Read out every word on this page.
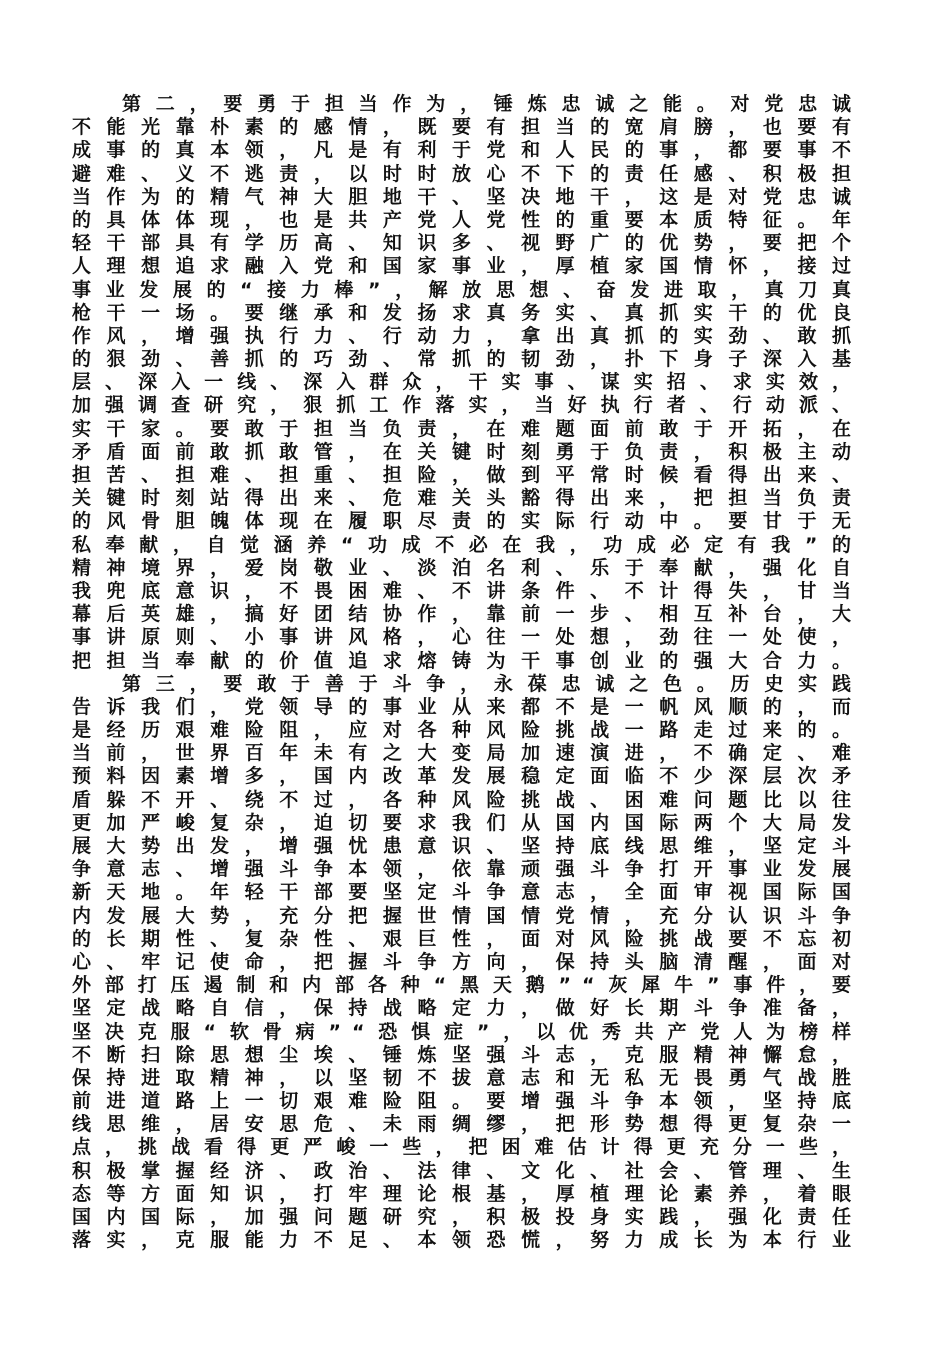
第二，要勇于担当作为，锤炼忠诚之能。对党忠诚
不能光靠朴素的感情，既要有担当的宽肩膀，也要有
成事的真本领，凡是有利于党和人民的事，都要事不
避难、义不逃责，以时时放心不下的责任感、积极担
当作为的精气神大胆地干、坚决地干，这是对党忠诚
的具体体现，也是共产党人党性的重要本质特征。年
轻干部具有学历高、知识多、视野广的优势，要把个
人理想追求融入党和国家事业，厚植家国情怀，接过
事业发展的“接力棒”，解放思想、奋发进取，真刀真
枪干一场。要继承和发扬求真务实、真抓实干的优良
作风，增强执行力、行动力，拿出真抓的实劲、敢抓
的狠劲、善抓的巧劲、常抓的韧劲，扑下身子深入基
层、深入一线、深入群众，干实事、谋实招、求实效，
加强调查研究，狠抓工作落实，当好执行者、行动派、
实干家。要敢于担当负责，在难题面前敢于开拓，在
矛盾面前敢抓敢管，在关键时刻勇于负责，积极主动
担苦、担难、担重、担险，做到平常时候看得出来、
关键时刻站得出来、危难关头豁得出来，把担当负责
的风骨胆魄体现在履职尽责的实际行动中。要甘于无
私奉献，自觉涵养“功成不必在我，功成必定有我”的
精神境界，爱岗敬业、淡泊名利、乐于奉献，强化自
我兜底意识，不畏困难、不讲条件、不计得失，甘当
幕后英雄，搞好团结协作，靠前一步、相互补台，大
事讲原则、小事讲风格，心往一处想，劲往一处使，
把担当奉献的价值追求熔铸为干事创业的强大合力。
第三，要敢于善于斗争，永葆忠诚之色。历史实践
告诉我们，党领导的事业从来都不是一帆风顺的，而
是经历艰难险阻，应对各种风险挑战一路走过来的。
当前，世界百年未有之大变局加速演进，不确定、难
预料因素增多，国内改革发展稳定面临不少深层次矛
盾躲不开、绕不过，各种风险挑战、困难问题比以往
更加严峻复杂，迫切要求我们从国内国际两个大局发
展大势出发，增强忧患意识、坚持底线思维，坚定斗
争意志、增强斗争本领，依靠顽强斗争打开事业发展
新天地。年轻干部要坚定斗争意志，全面审视国际国
内发展大势，充分把握世情国情党情，充分认识斗争
的长期性、复杂性、艰巨性，面对风险挑战要不忘初
心、牢记使命，把握斗争方向，保持头脑清醒，面对
外部打压遏制和内部各种“黑天鹅”“灰犀牛”事件，要
坚定战略自信，保持战略定力，做好长期斗争准备，
坚决克服“软骨病”“恐惧症”，以优秀共产党人为榜样
不断扫除思想尘埃、锤炼坚强斗志，克服精神懈怠，
保持进取精神，以坚韧不拔意志和无私无畏勇气战胜
前进道路上一切艰难险阻。要增强斗争本领，坚持底
线思维，居安思危、未雨绸缪，把形势想得更复杂一
点，挑战看得更严峻一些，把困难估计得更充分一些，
积极掌握经济、政治、法律、文化、社会、管理、生
态等方面知识，打牢理论根基，厚植理论素养，着眼
国内国际，加强问题研究，积极投身实践，强化责任
落实，克服能力不足、本领恐慌，努力成长为本行业
